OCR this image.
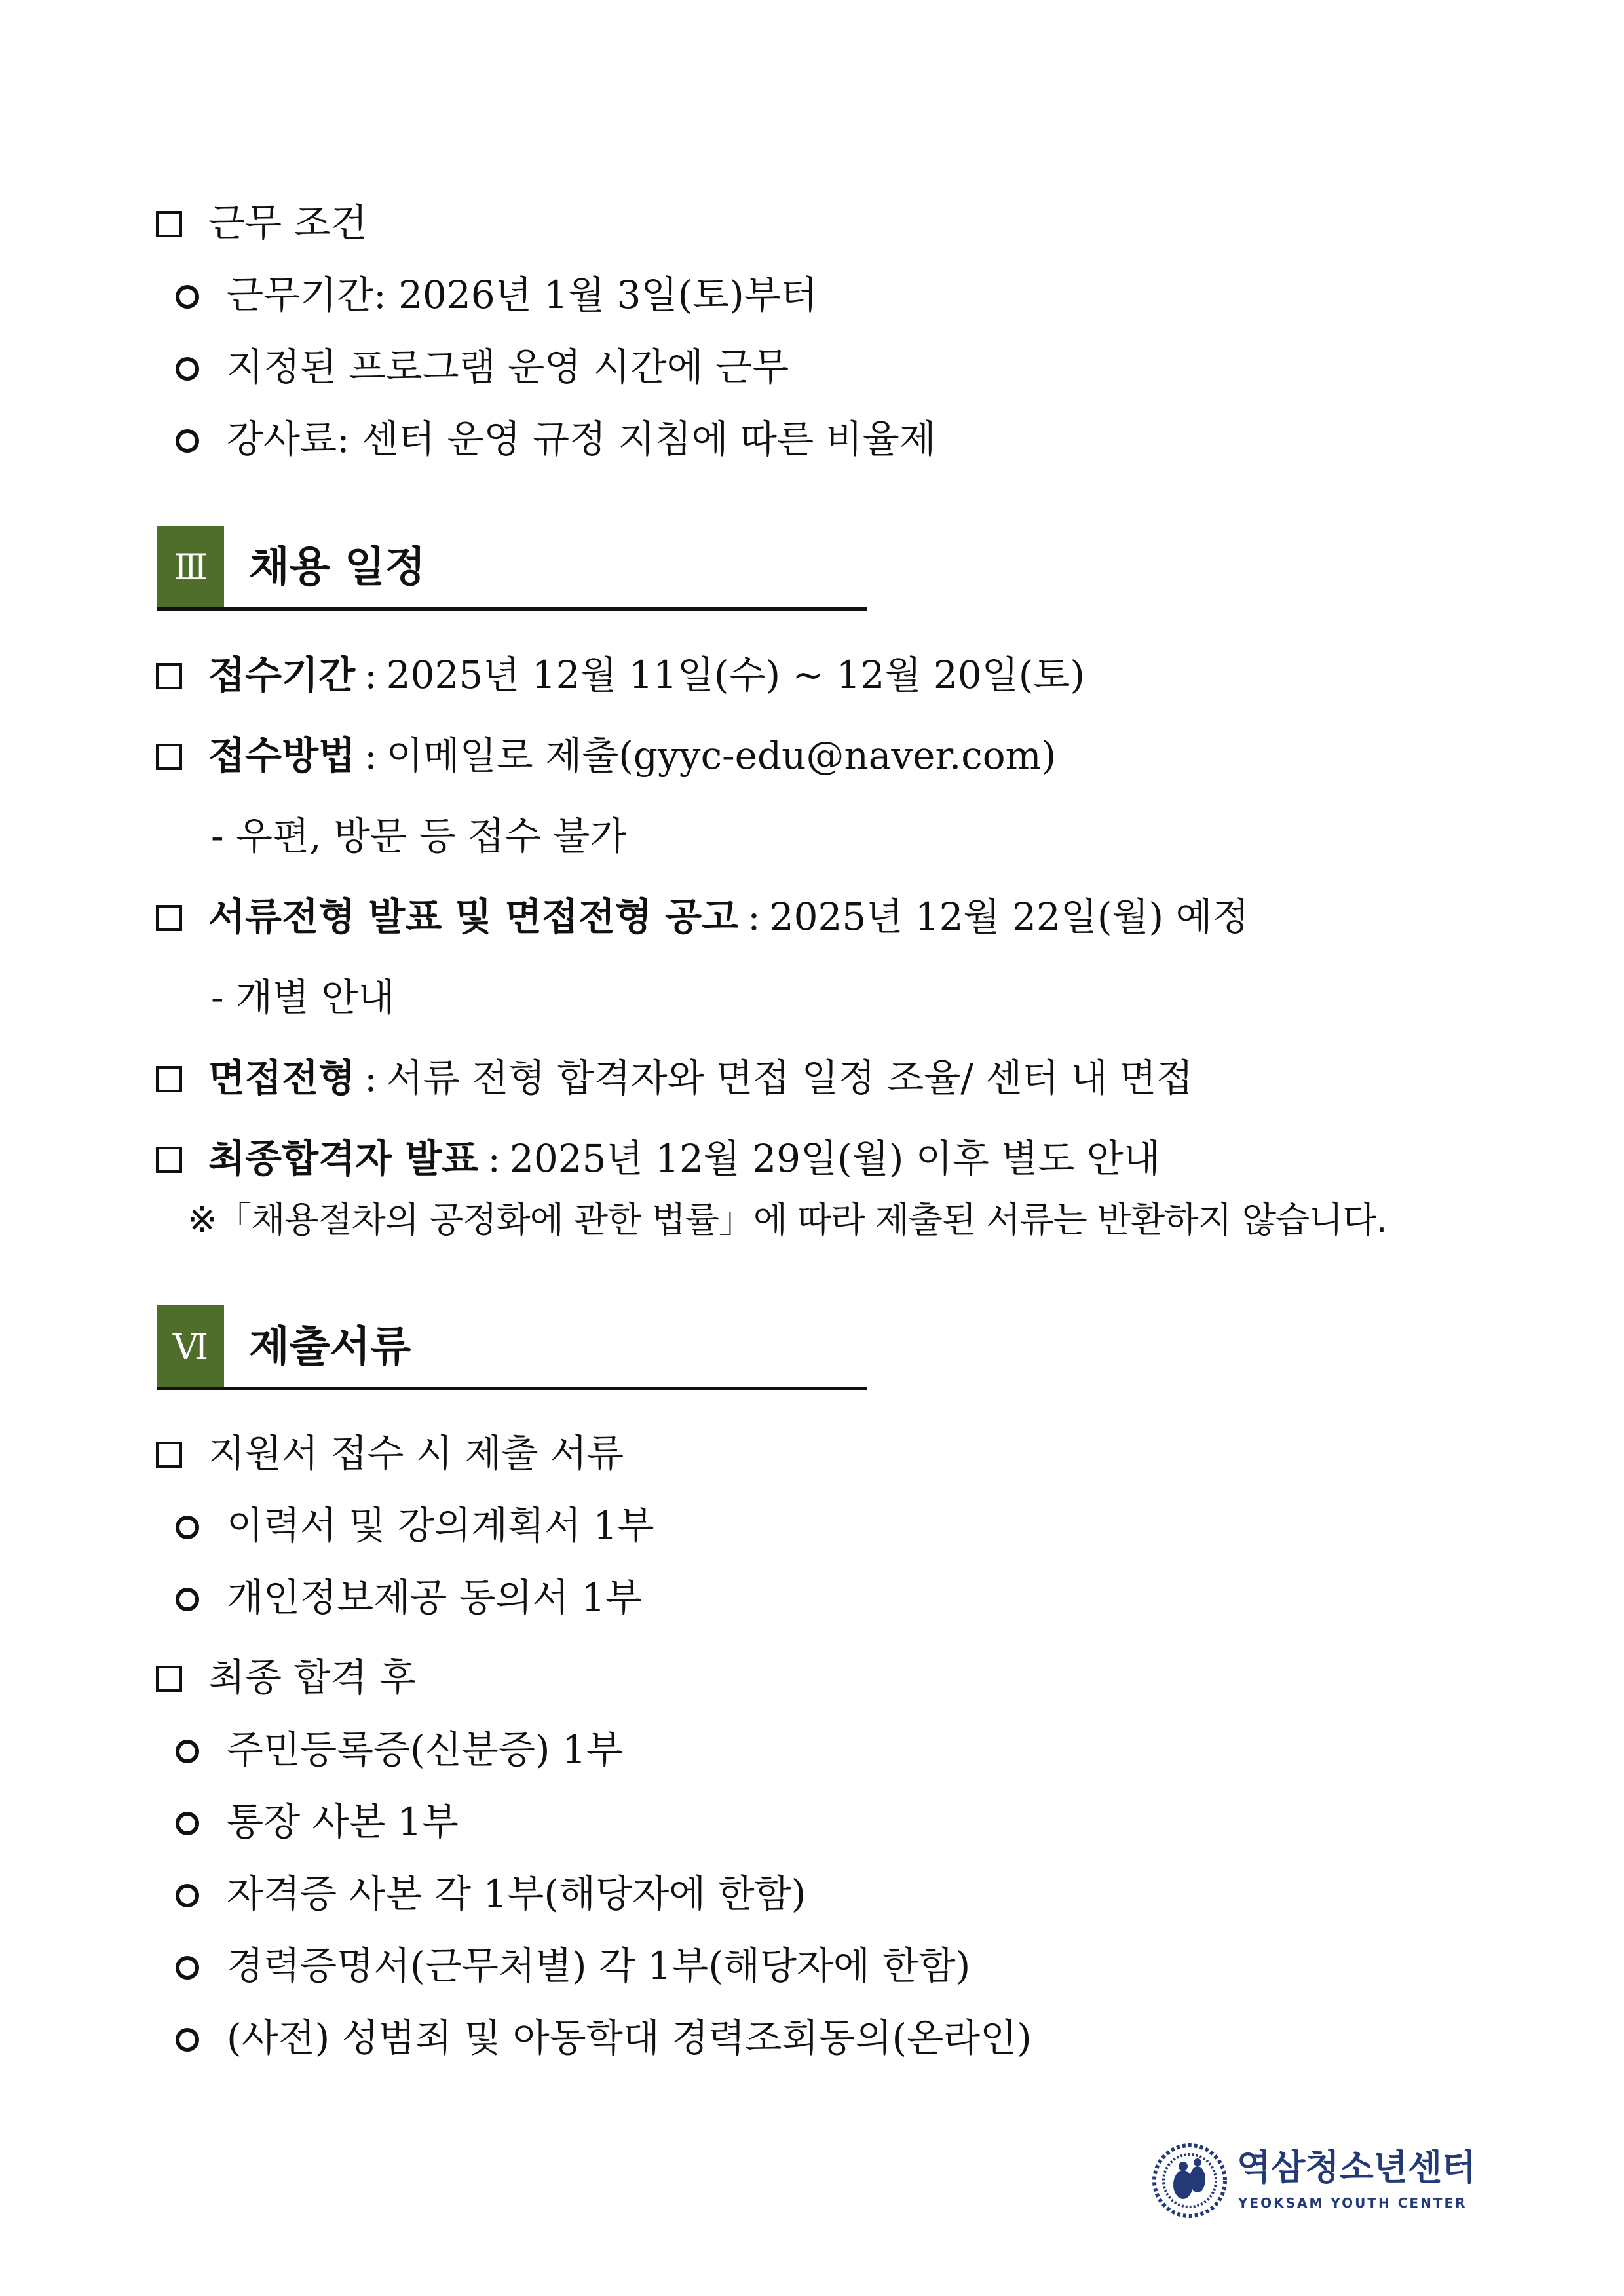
근무 조건
근무기간: 2026년 1월 3일(토)부터
지정된 프로그램 운영 시간에 근무
강사료: 센터 운영 규정 지침에 따른 비율제
Ⅲ 채용 일정
접수기간 : 2025년 12월 11일(수) ~ 12월 20일(토)
접수방법 : 이메일로 제출(gyyc-edu@naver.com)
- 우편, 방문 등 접수 불가
서류전형 발표 및 면접전형 공고 : 2025년 12월 22일(월) 예정
- 개별 안내
면접전형 : 서류 전형 합격자와 면접 일정 조율/ 센터 내 면접
최종합격자 발표 : 2025년 12월 29일(월) 이후 별도 안내
※「채용절차의 공정화에 관한 법률」에 따라 제출된 서류는 반환하지 않습니다.
Ⅵ 제출서류
지원서 접수 시 제출 서류
이력서 및 강의계획서 1부
개인정보제공 동의서 1부
최종 합격 후
주민등록증(신분증) 1부
통장 사본 1부
자격증 사본 각 1부(해당자에 한함)
경력증명서(근무처별) 각 1부(해당자에 한함)
(사전) 성범죄 및 아동학대 경력조회동의(온라인)
역삼청소년센터
YEOKSAM YOUTH CENTER
